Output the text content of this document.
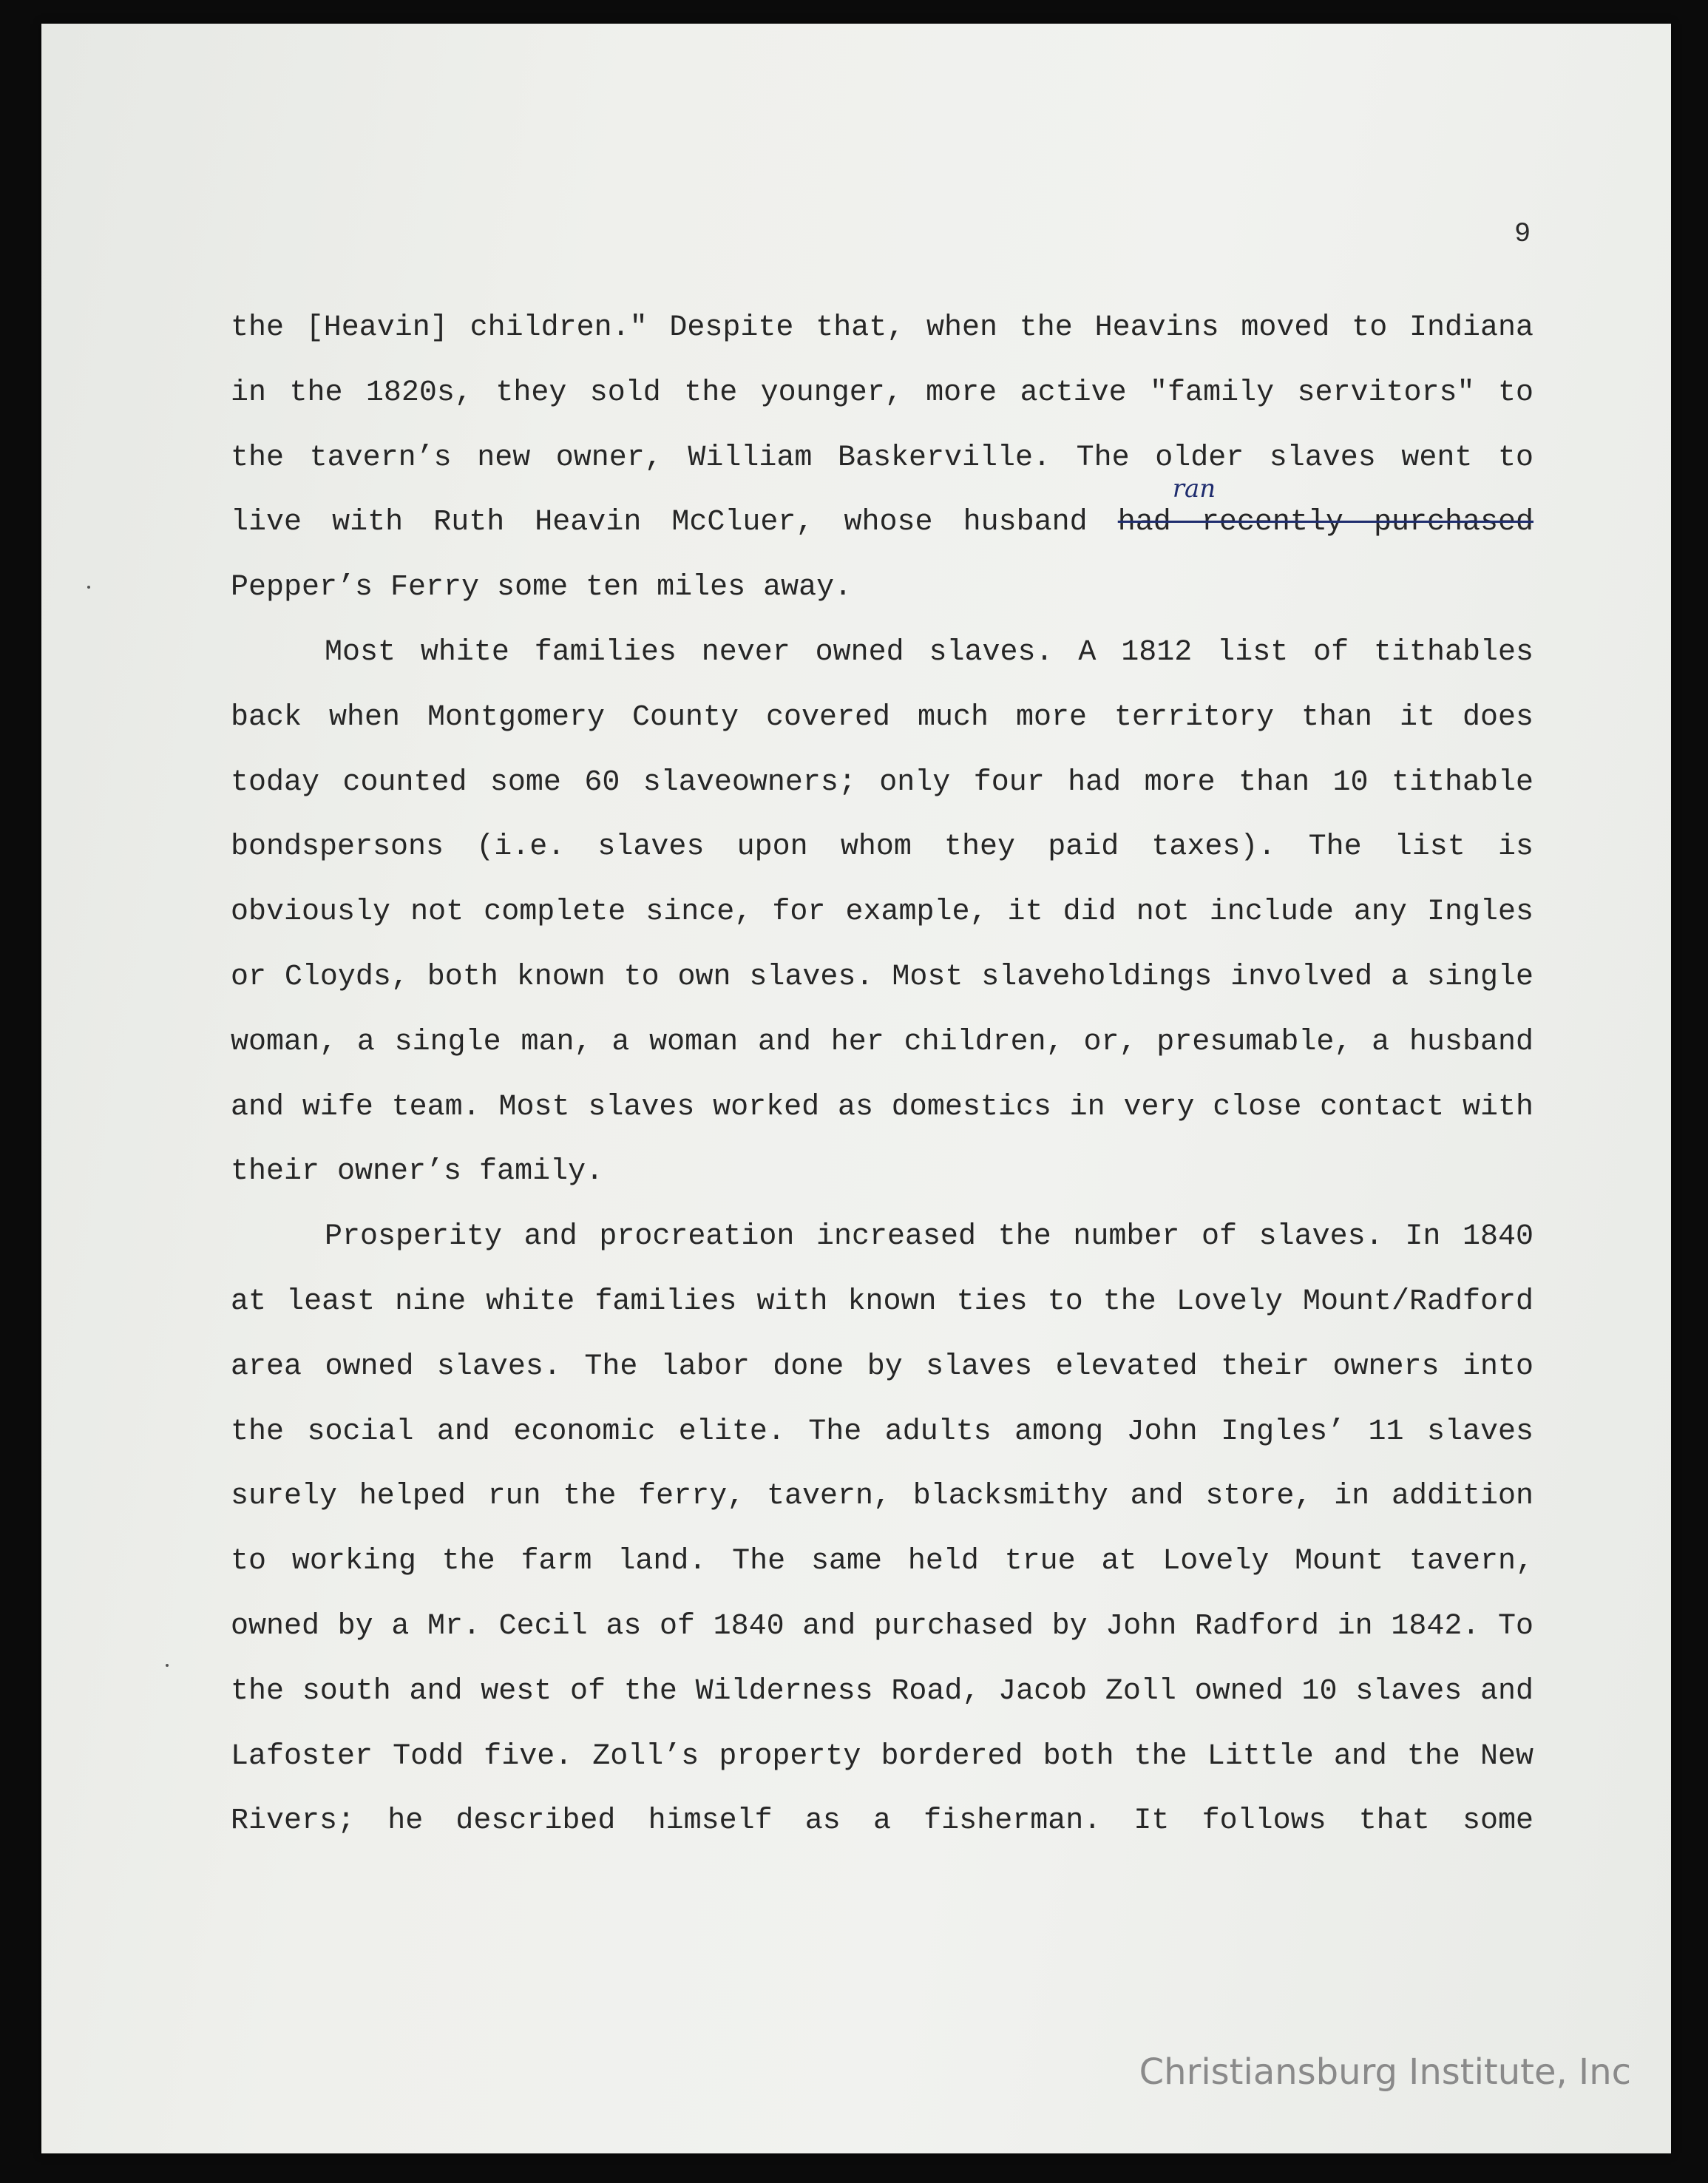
9

the [Heavin] children." Despite that, when the Heavins moved to Indiana in the 1820s, they sold the younger, more active "family servitors" to the tavern’s new owner, William Baskerville. The older slaves went to live with Ruth Heavin McCluer, whose husband
ran
had recently purchased Pepper’s Ferry some ten miles away.

Most white families never owned slaves. A 1812 list of tithables back when Montgomery County covered much more territory than it does today counted some 60 slaveowners; only four had more than 10 tithable bondspersons (i.e. slaves upon whom they paid taxes). The list is obviously not complete since, for example, it did not include any Ingles or Cloyds, both known to own slaves. Most slaveholdings involved a single woman, a single man, a woman and her children, or, presumable, a husband and wife team. Most slaves worked as domestics in very close contact with their owner’s family.

Prosperity and procreation increased the number of slaves. In 1840 at least nine white families with known ties to the Lovely Mount/Radford area owned slaves. The labor done by slaves elevated their owners into the social and economic elite. The adults among John Ingles’ 11 slaves surely helped run the ferry, tavern, blacksmithy and store, in addition to working the farm land. The same held true at Lovely Mount tavern, owned by a Mr. Cecil as of 1840 and purchased by John Radford in 1842. To the south and west of the Wilderness Road, Jacob Zoll owned 10 slaves and Lafoster Todd five. Zoll’s property bordered both the Little and the New Rivers; he described himself as a fisherman. It follows that some

Christiansburg Institute, Inc
